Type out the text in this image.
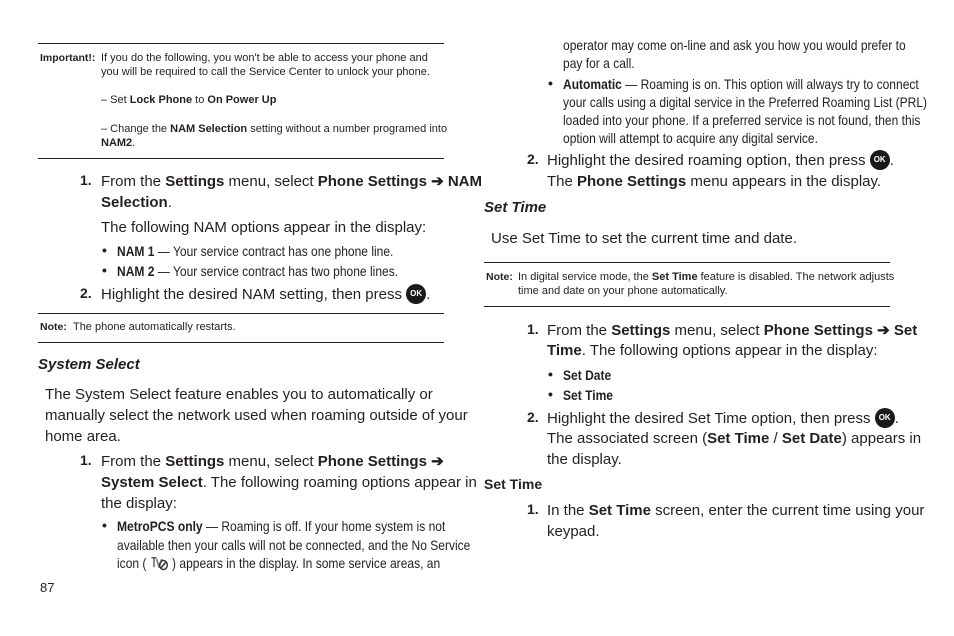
Important!: If you do the following, you won't be able to access your phone and
you will be required to call the Service Center to unlock your phone.
– Set Lock Phone to On Power Up
– Change the NAM Selection setting without a number programed into
NAM2.
1. From the Settings menu, select Phone Settings ➔ NAM
Selection.
The following NAM options appear in the display:
• NAM 1 — Your service contract has one phone line.
• NAM 2 — Your service contract has two phone lines.
2. Highlight the desired NAM setting, then press OK .
Note: The phone automatically restarts.
System Select
The System Select feature enables you to automatically or
manually select the network used when roaming outside of your
home area.
1. From the Settings menu, select Phone Settings ➔
System Select. The following roaming options appear in
the display:
• MetroPCS only — Roaming is off. If your home system is not
available then your calls will not be connected, and the No Service
icon (  ) appears in the display. In some service areas, an
87
operator may come on-line and ask you how you would prefer to
pay for a call.
• Automatic — Roaming is on. This option will always try to connect
your calls using a digital service in the Preferred Roaming List (PRL)
loaded into your phone. If a preferred service is not found, then this
option will attempt to acquire any digital service.
2. Highlight the desired roaming option, then press OK .
The Phone Settings menu appears in the display.
Set Time
Use Set Time to set the current time and date.
Note: In digital service mode, the Set Time feature is disabled. The network adjusts
time and date on your phone automatically.
1. From the Settings menu, select Phone Settings ➔ Set
Time. The following options appear in the display:
• Set Date
• Set Time
2. Highlight the desired Set Time option, then press OK .
The associated screen (Set Time / Set Date) appears in
the display.
Set Time
1. In the Set Time screen, enter the current time using your
keypad.
